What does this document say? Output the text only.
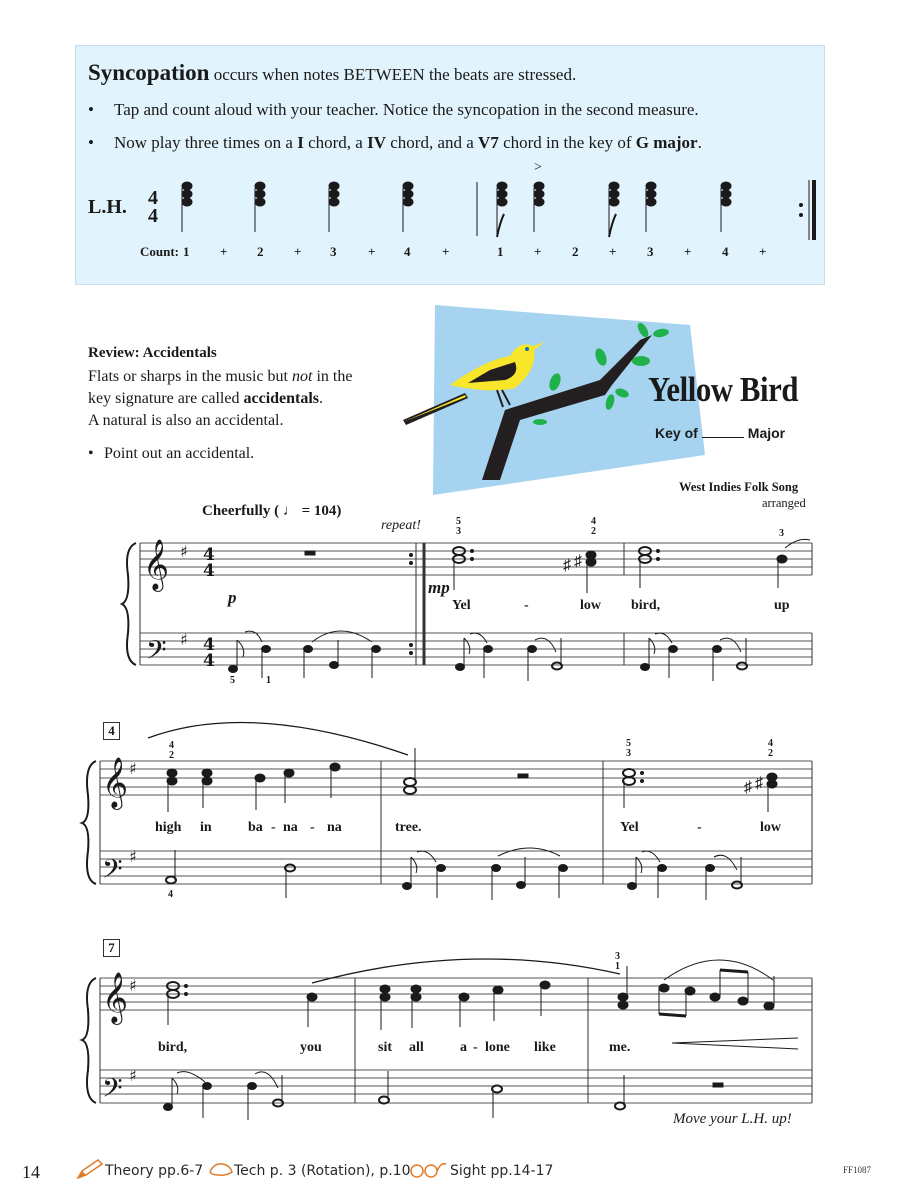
Syncopation occurs when notes BETWEEN the beats are stressed.
• Tap and count aloud with your teacher. Notice the syncopation in the second measure.
• Now play three times on a I chord, a IV chord, and a V7 chord in the key of G major.
L.H. 4
4
Count: 1 + 2 + 3 + 4 +	1 + 2 + 3 + 4 +
>
Review: Accidentals
Flats or sharps in the music but not in the
key signature are called accidentals.
A natural is also an accidental.
• Point out an accidental.
Yellow Bird
Key of	Major
West Indies Folk Song
arranged
Cheerfully ( ♩ = 104)
repeat!
𝄞
𝄢
♯
♯
4
4
4
4
𝄞
𝄢
♯
♯
𝄞
𝄢
♯
♯
♯ ♯
♯ ♯
p
mp
5
3
4
2	3
5	1
Yel	-	low bird,	up
4
4
2
5
3
4
2
4
high in	ba - na - na	tree.	Yel	-	low
7
3
1
bird,	you	sit all	a - lone like	me.
Move your L.H. up!
14	Theory pp.6-7 Tech p. 3 (Rotation), p.10	Sight pp.14-17	FF1087
